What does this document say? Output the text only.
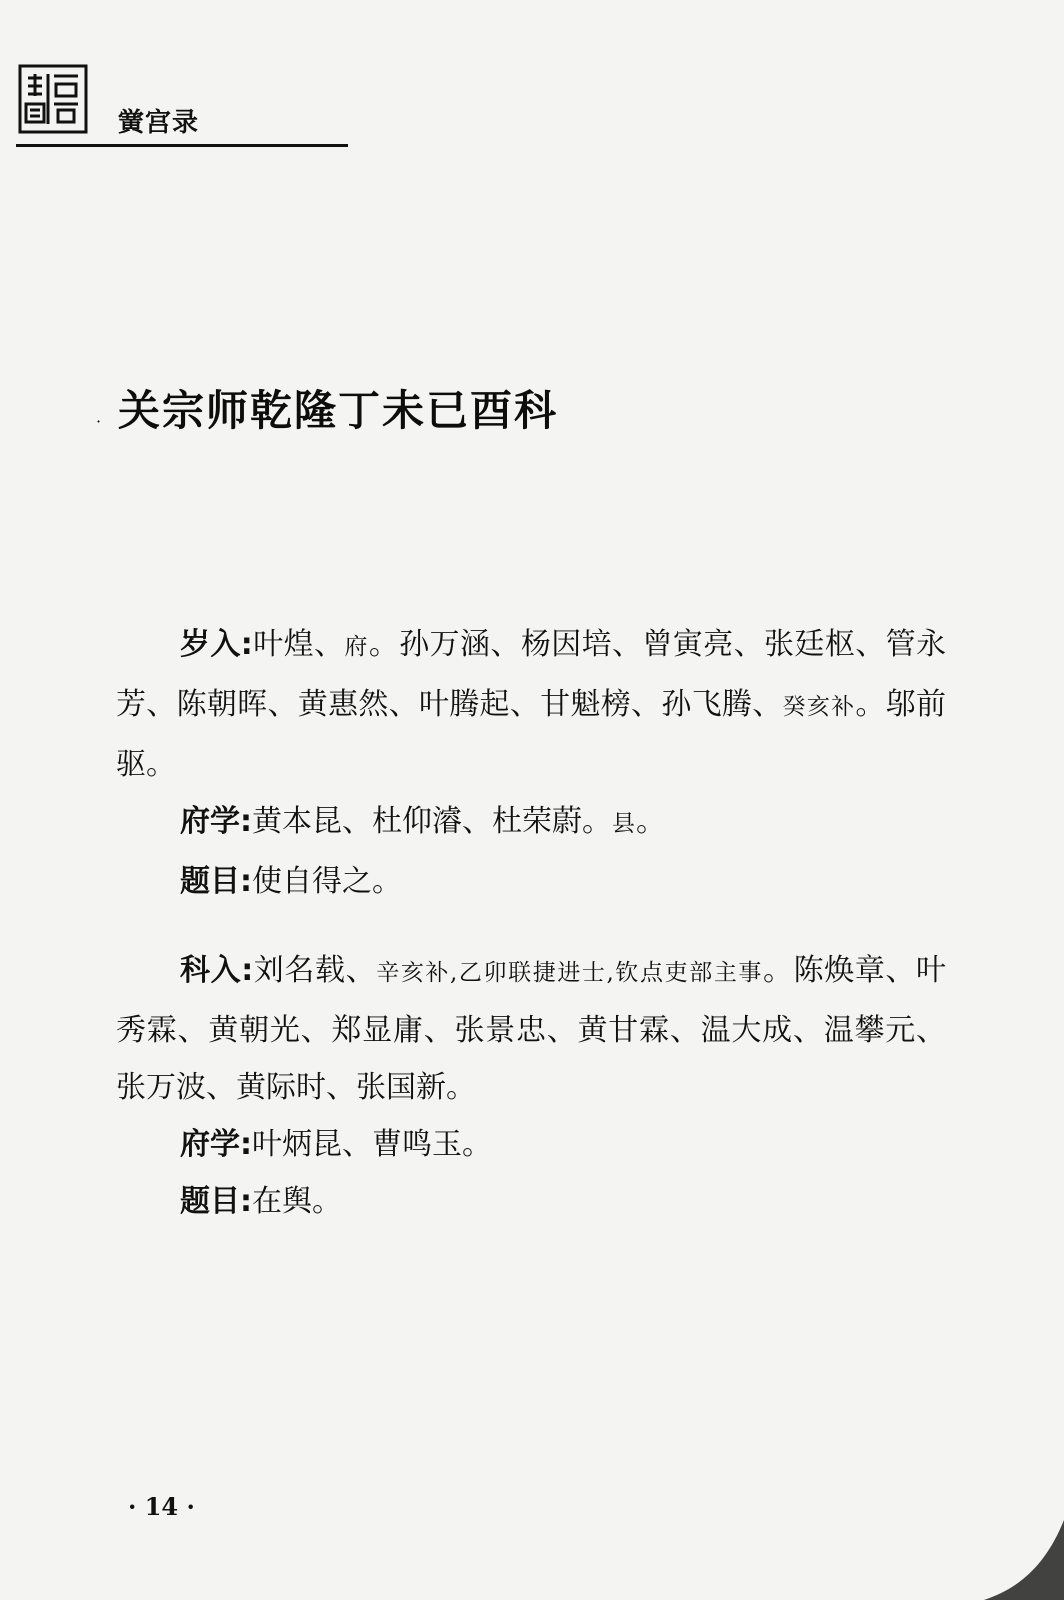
黉宫录
· 关宗师乾隆丁未已酉科

岁入:叶煌、府。孙万涵、杨因培、曾寅亮、张廷枢、管永芳、陈朝晖、黄惠然、叶腾起、甘魁榜、孙飞腾、癸亥补。邬前驱。

府学:黄本昆、杜仰濬、杜荣蔚。县。

题目:使自得之。

科入:刘名载、辛亥补,乙卯联捷进士,钦点吏部主事。陈焕章、叶秀霖、黄朝光、郑显庸、张景忠、黄甘霖、温大成、温攀元、张万波、黄际时、张国新。

府学:叶炳昆、曹鸣玉。

题目:在舆。

· 14 ·
